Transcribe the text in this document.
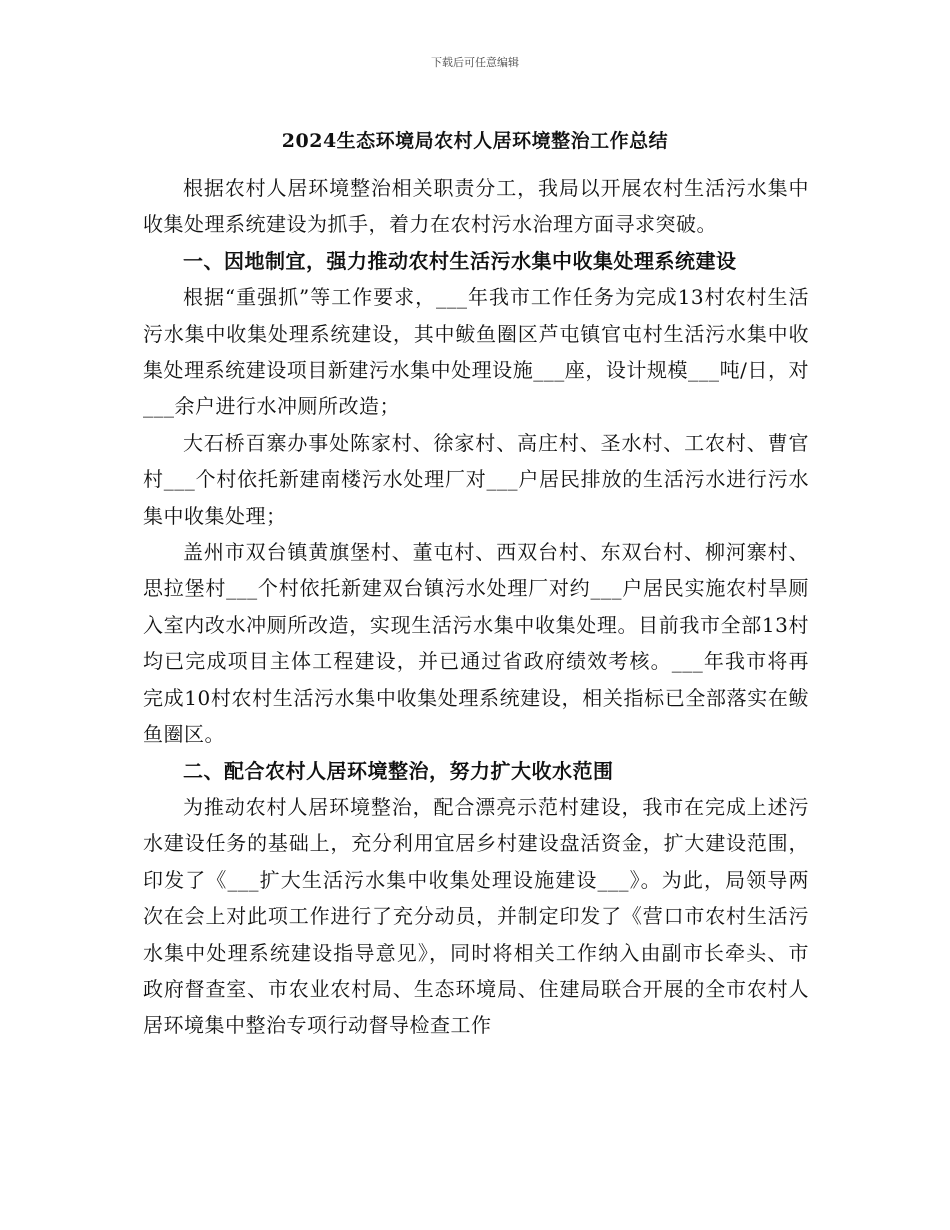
下载后可任意编辑
2024生态环境局农村人居环境整治工作总结

根据农村人居环境整治相关职责分工，我局以开展农村生活污水集中收集处理系统建设为抓手，着力在农村污水治理方面寻求突破。

一、因地制宜，强力推动农村生活污水集中收集处理系统建设

根据“重强抓”等工作要求，___年我市工作任务为完成13村农村生活污水集中收集处理系统建设，其中鲅鱼圈区芦屯镇官屯村生活污水集中收集处理系统建设项目新建污水集中处理设施___座，设计规模___吨/日，对___余户进行水冲厕所改造；

大石桥百寨办事处陈家村、徐家村、高庄村、圣水村、工农村、曹官村___个村依托新建南楼污水处理厂对___户居民排放的生活污水进行污水集中收集处理；

盖州市双台镇黄旗堡村、董屯村、西双台村、东双台村、柳河寨村、思拉堡村___个村依托新建双台镇污水处理厂对约___户居民实施农村旱厕入室内改水冲厕所改造，实现生活污水集中收集处理。目前我市全部13村均已完成项目主体工程建设，并已通过省政府绩效考核。___年我市将再完成10村农村生活污水集中收集处理系统建设，相关指标已全部落实在鲅鱼圈区。

二、配合农村人居环境整治，努力扩大收水范围

为推动农村人居环境整治，配合漂亮示范村建设，我市在完成上述污水建设任务的基础上，充分利用宜居乡村建设盘活资金，扩大建设范围，印发了《___扩大生活污水集中收集处理设施建设___》。为此，局领导两次在会上对此项工作进行了充分动员，并制定印发了《营口市农村生活污水集中处理系统建设指导意见》，同时将相关工作纳入由副市长牵头、市政府督查室、市农业农村局、生态环境局、住建局联合开展的全市农村人居环境集中整治专项行动督导检查工作
